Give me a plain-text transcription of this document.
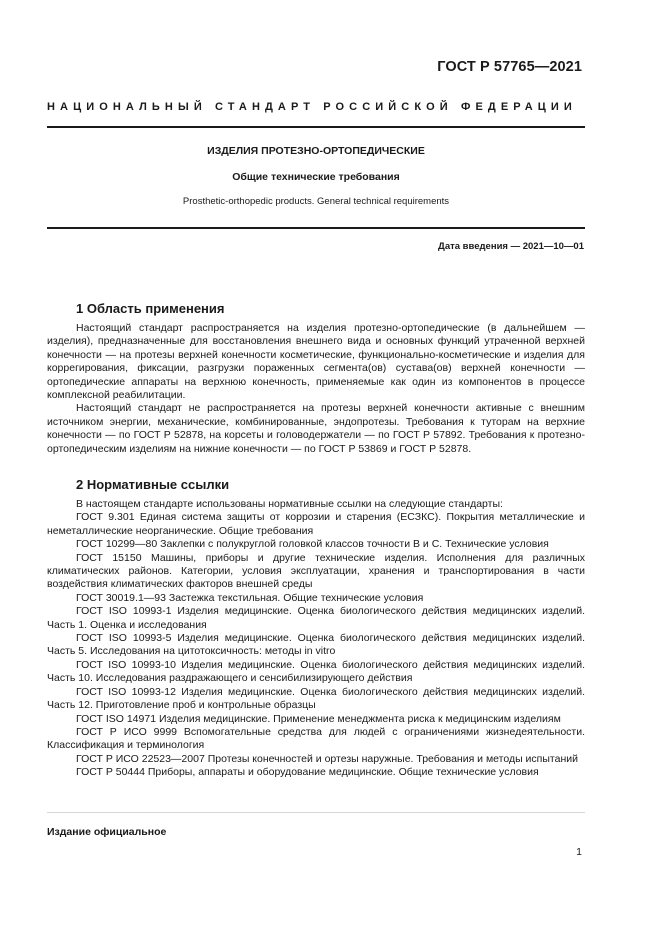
ГОСТ Р 57765—2021
НАЦИОНАЛЬНЫЙ СТАНДАРТ РОССИЙСКОЙ ФЕДЕРАЦИИ
ИЗДЕЛИЯ ПРОТЕЗНО-ОРТОПЕДИЧЕСКИЕ
Общие технические требования
Prosthetic-orthopedic products. General technical requirements
Дата введения — 2021—10—01
1 Область применения

Настоящий стандарт распространяется на изделия протезно-ортопедические (в дальнейшем — изделия), предназначенные для восстановления внешнего вида и основных функций утраченной верхней конечности — на протезы верхней конечности косметические, функционально-косметические и изделия для коррегирования, фиксации, разгрузки пораженных сегмента(ов) сустава(ов) верхней конечности — ортопедические аппараты на верхнюю конечность, применяемые как один из компонентов в процессе комплексной реабилитации.

Настоящий стандарт не распространяется на протезы верхней конечности активные с внешним источником энергии, механические, комбинированные, эндопротезы. Требования к туторам на верхние конечности — по ГОСТ Р 52878, на корсеты и головодержатели — по ГОСТ Р 57892. Требования к протезно-ортопедическим изделиям на нижние конечности — по ГОСТ Р 53869 и ГОСТ Р 52878.

2 Нормативные ссылки

В настоящем стандарте использованы нормативные ссылки на следующие стандарты:

ГОСТ 9.301 Единая система защиты от коррозии и старения (ЕСЗКС). Покрытия металлические и неметаллические неорганические. Общие требования

ГОСТ 10299—80 Заклепки с полукруглой головкой классов точности В и С. Технические условия

ГОСТ 15150 Машины, приборы и другие технические изделия. Исполнения для различных климатических районов. Категории, условия эксплуатации, хранения и транспортирования в части воздействия климатических факторов внешней среды

ГОСТ 30019.1—93 Застежка текстильная. Общие технические условия

ГОСТ ISO 10993-1 Изделия медицинские. Оценка биологического действия медицинских изделий. Часть 1. Оценка и исследования

ГОСТ ISO 10993-5 Изделия медицинские. Оценка биологического действия медицинских изделий. Часть 5. Исследования на цитотоксичность: методы in vitro

ГОСТ ISO 10993-10 Изделия медицинские. Оценка биологического действия медицинских изделий. Часть 10. Исследования раздражающего и сенсибилизирующего действия

ГОСТ ISO 10993-12 Изделия медицинские. Оценка биологического действия медицинских изделий. Часть 12. Приготовление проб и контрольные образцы

ГОСТ ISO 14971 Изделия медицинские. Применение менеджмента риска к медицинским изделиям

ГОСТ Р ИСО 9999 Вспомогательные средства для людей с ограничениями жизнедеятельности. Классификация и терминология

ГОСТ Р ИСО 22523—2007 Протезы конечностей и ортезы наружные. Требования и методы испытаний

ГОСТ Р 50444 Приборы, аппараты и оборудование медицинские. Общие технические условия

Издание официальное
1
